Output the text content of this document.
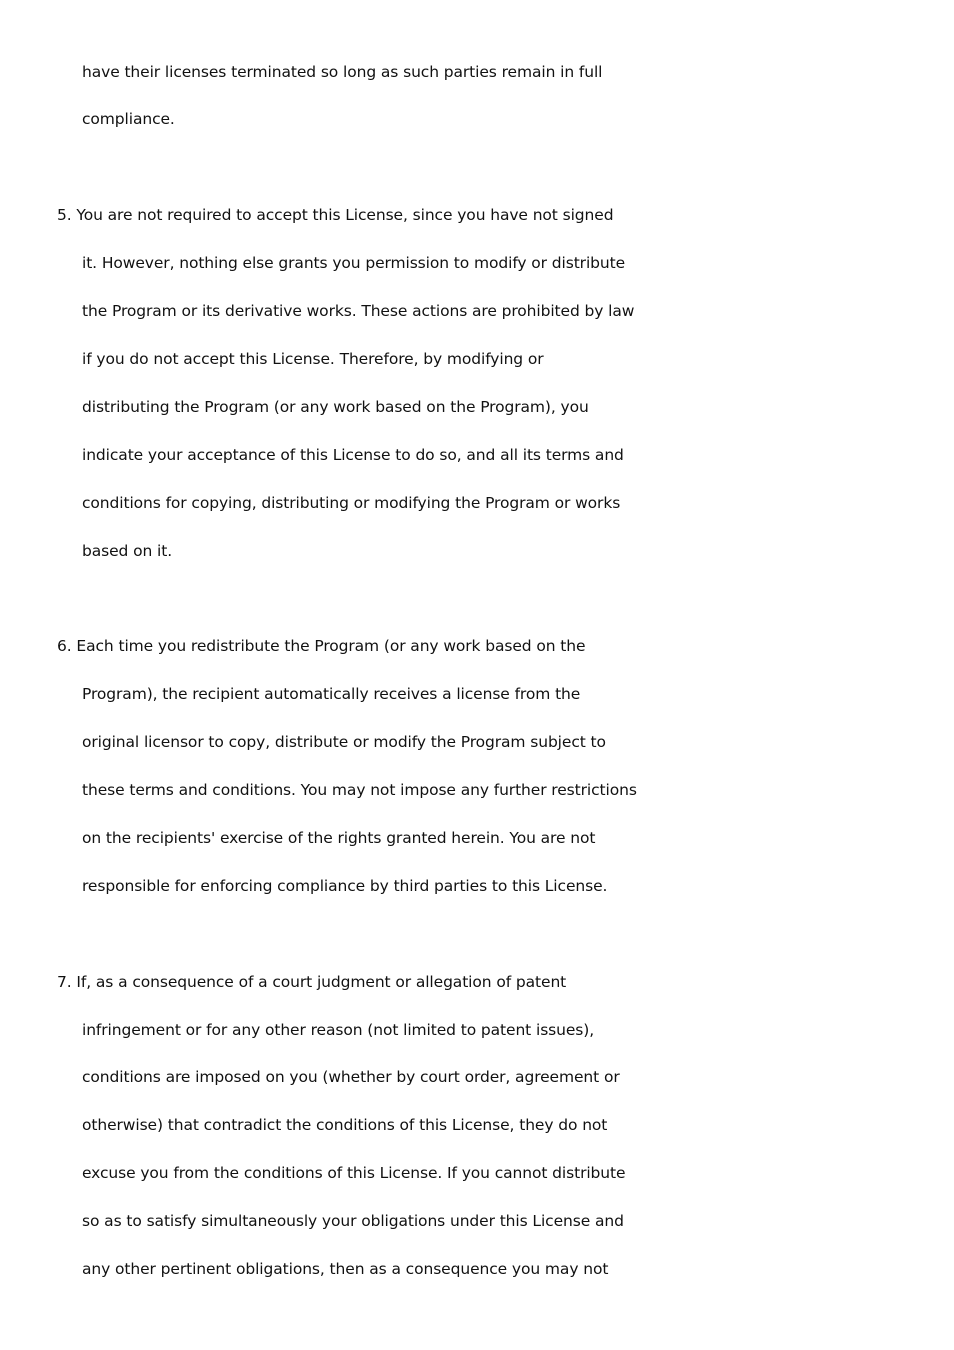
have their licenses terminated so long as such parties remain in full
compliance.
5. You are not required to accept this License, since you have not signed
it. However, nothing else grants you permission to modify or distribute
the Program or its derivative works. These actions are prohibited by law
if you do not accept this License. Therefore, by modifying or
distributing the Program (or any work based on the Program), you
indicate your acceptance of this License to do so, and all its terms and
conditions for copying, distributing or modifying the Program or works
based on it.
6. Each time you redistribute the Program (or any work based on the
Program), the recipient automatically receives a license from the
original licensor to copy, distribute or modify the Program subject to
these terms and conditions. You may not impose any further restrictions
on the recipients' exercise of the rights granted herein. You are not
responsible for enforcing compliance by third parties to this License.
7. If, as a consequence of a court judgment or allegation of patent
infringement or for any other reason (not limited to patent issues),
conditions are imposed on you (whether by court order, agreement or
otherwise) that contradict the conditions of this License, they do not
excuse you from the conditions of this License. If you cannot distribute
so as to satisfy simultaneously your obligations under this License and
any other pertinent obligations, then as a consequence you may not
